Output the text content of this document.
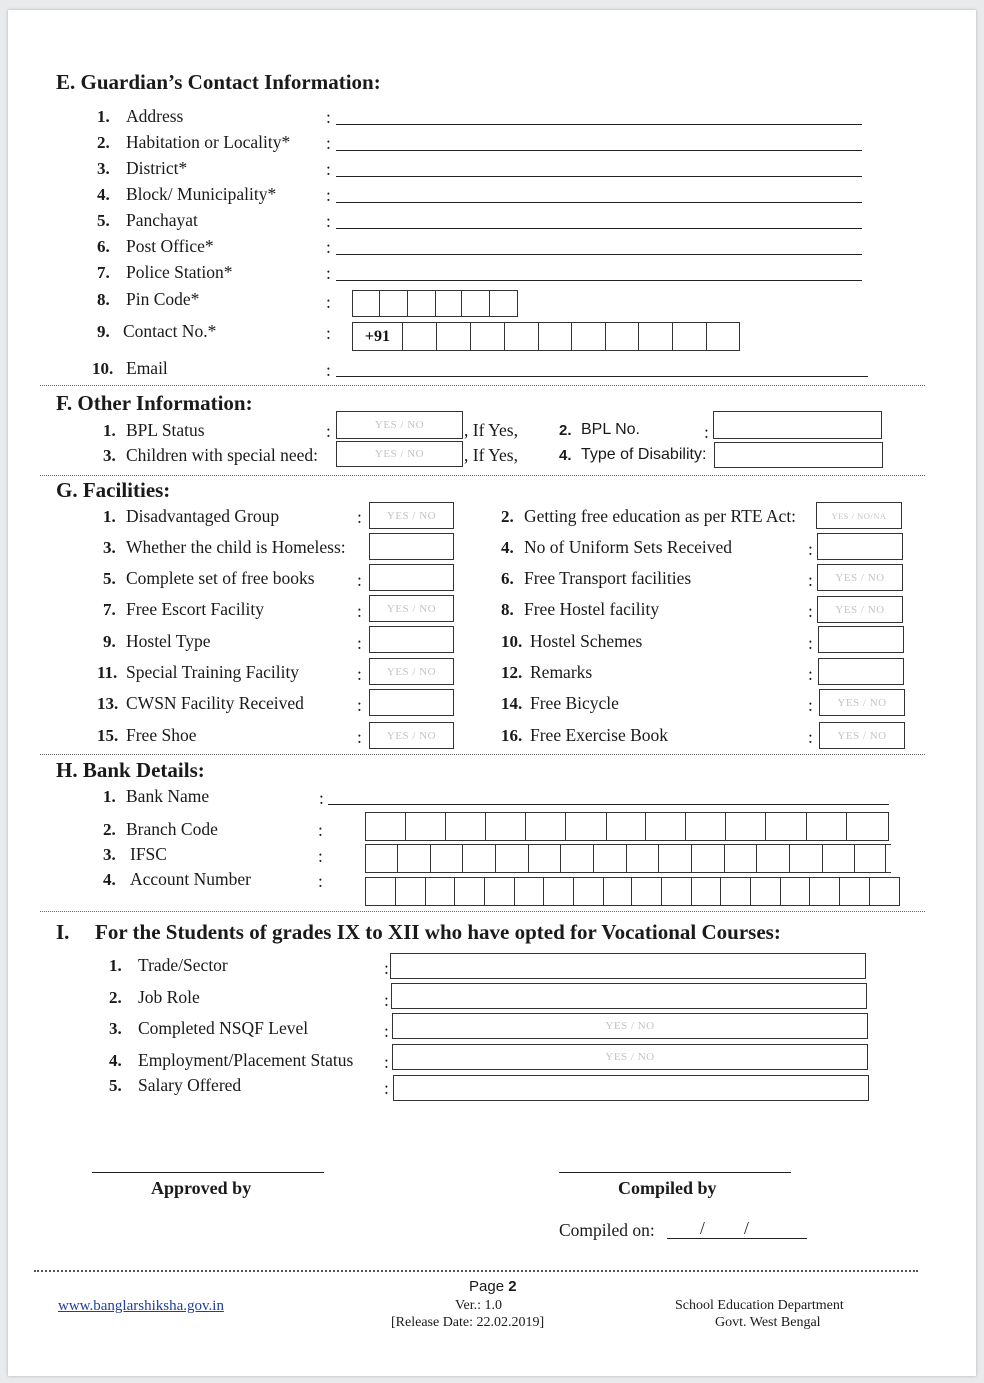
E. Guardian’s Contact Information:
1. Address	:
2. Habitation or Locality* :
3. District*	:
4. Block/ Municipality*	:
5. Panchayat	:
6. Post Office*	:
7. Police Station*	:
8. Pin Code*	:
9. Contact No.*	:	+91
10. Email	:
F. Other Information:
1. BPL Status	:	YES / NO	, If Yes,	2. BPL No.	:
3. Children with special need:	YES / NO	, If Yes,	4. Type of Disability:
G. Facilities:
1. Disadvantaged Group	:	YES / NO
3. Whether the child is Homeless:
5. Complete set of free books :
7. Free Escort Facility	:	YES / NO
9. Hostel Type	:
11. Special Training Facility	:	YES / NO
13. CWSN Facility Received	:
15. Free Shoe	:	YES / NO
2. Getting free education as per RTE Act:	YES / NO/NA
4. No of Uniform Sets Received	:
6. Free Transport facilities	:	YES / NO
8. Free Hostel facility	:	YES / NO
10. Hostel Schemes	:
12. Remarks	:
14. Free Bicycle	:	YES / NO
16. Free Exercise Book	:	YES / NO
H. Bank Details:
1. Bank Name	:
2. Branch Code	:
3. IFSC	:
4. Account Number	:
I. For the Students of grades IX to XII who have opted for Vocational Courses:
1. Trade/Sector	:
2. Job Role	:
3. Completed NSQF Level	:	YES / NO
4. Employment/Placement Status :	YES / NO
5. Salary Offered	:
Approved by	Compiled by
Compiled on:	/ /
www.banglarshiksha.gov.in
Page 2
Ver.: 1.0
[Release Date: 22.02.2019]
School Education Department
Govt. West Bengal
